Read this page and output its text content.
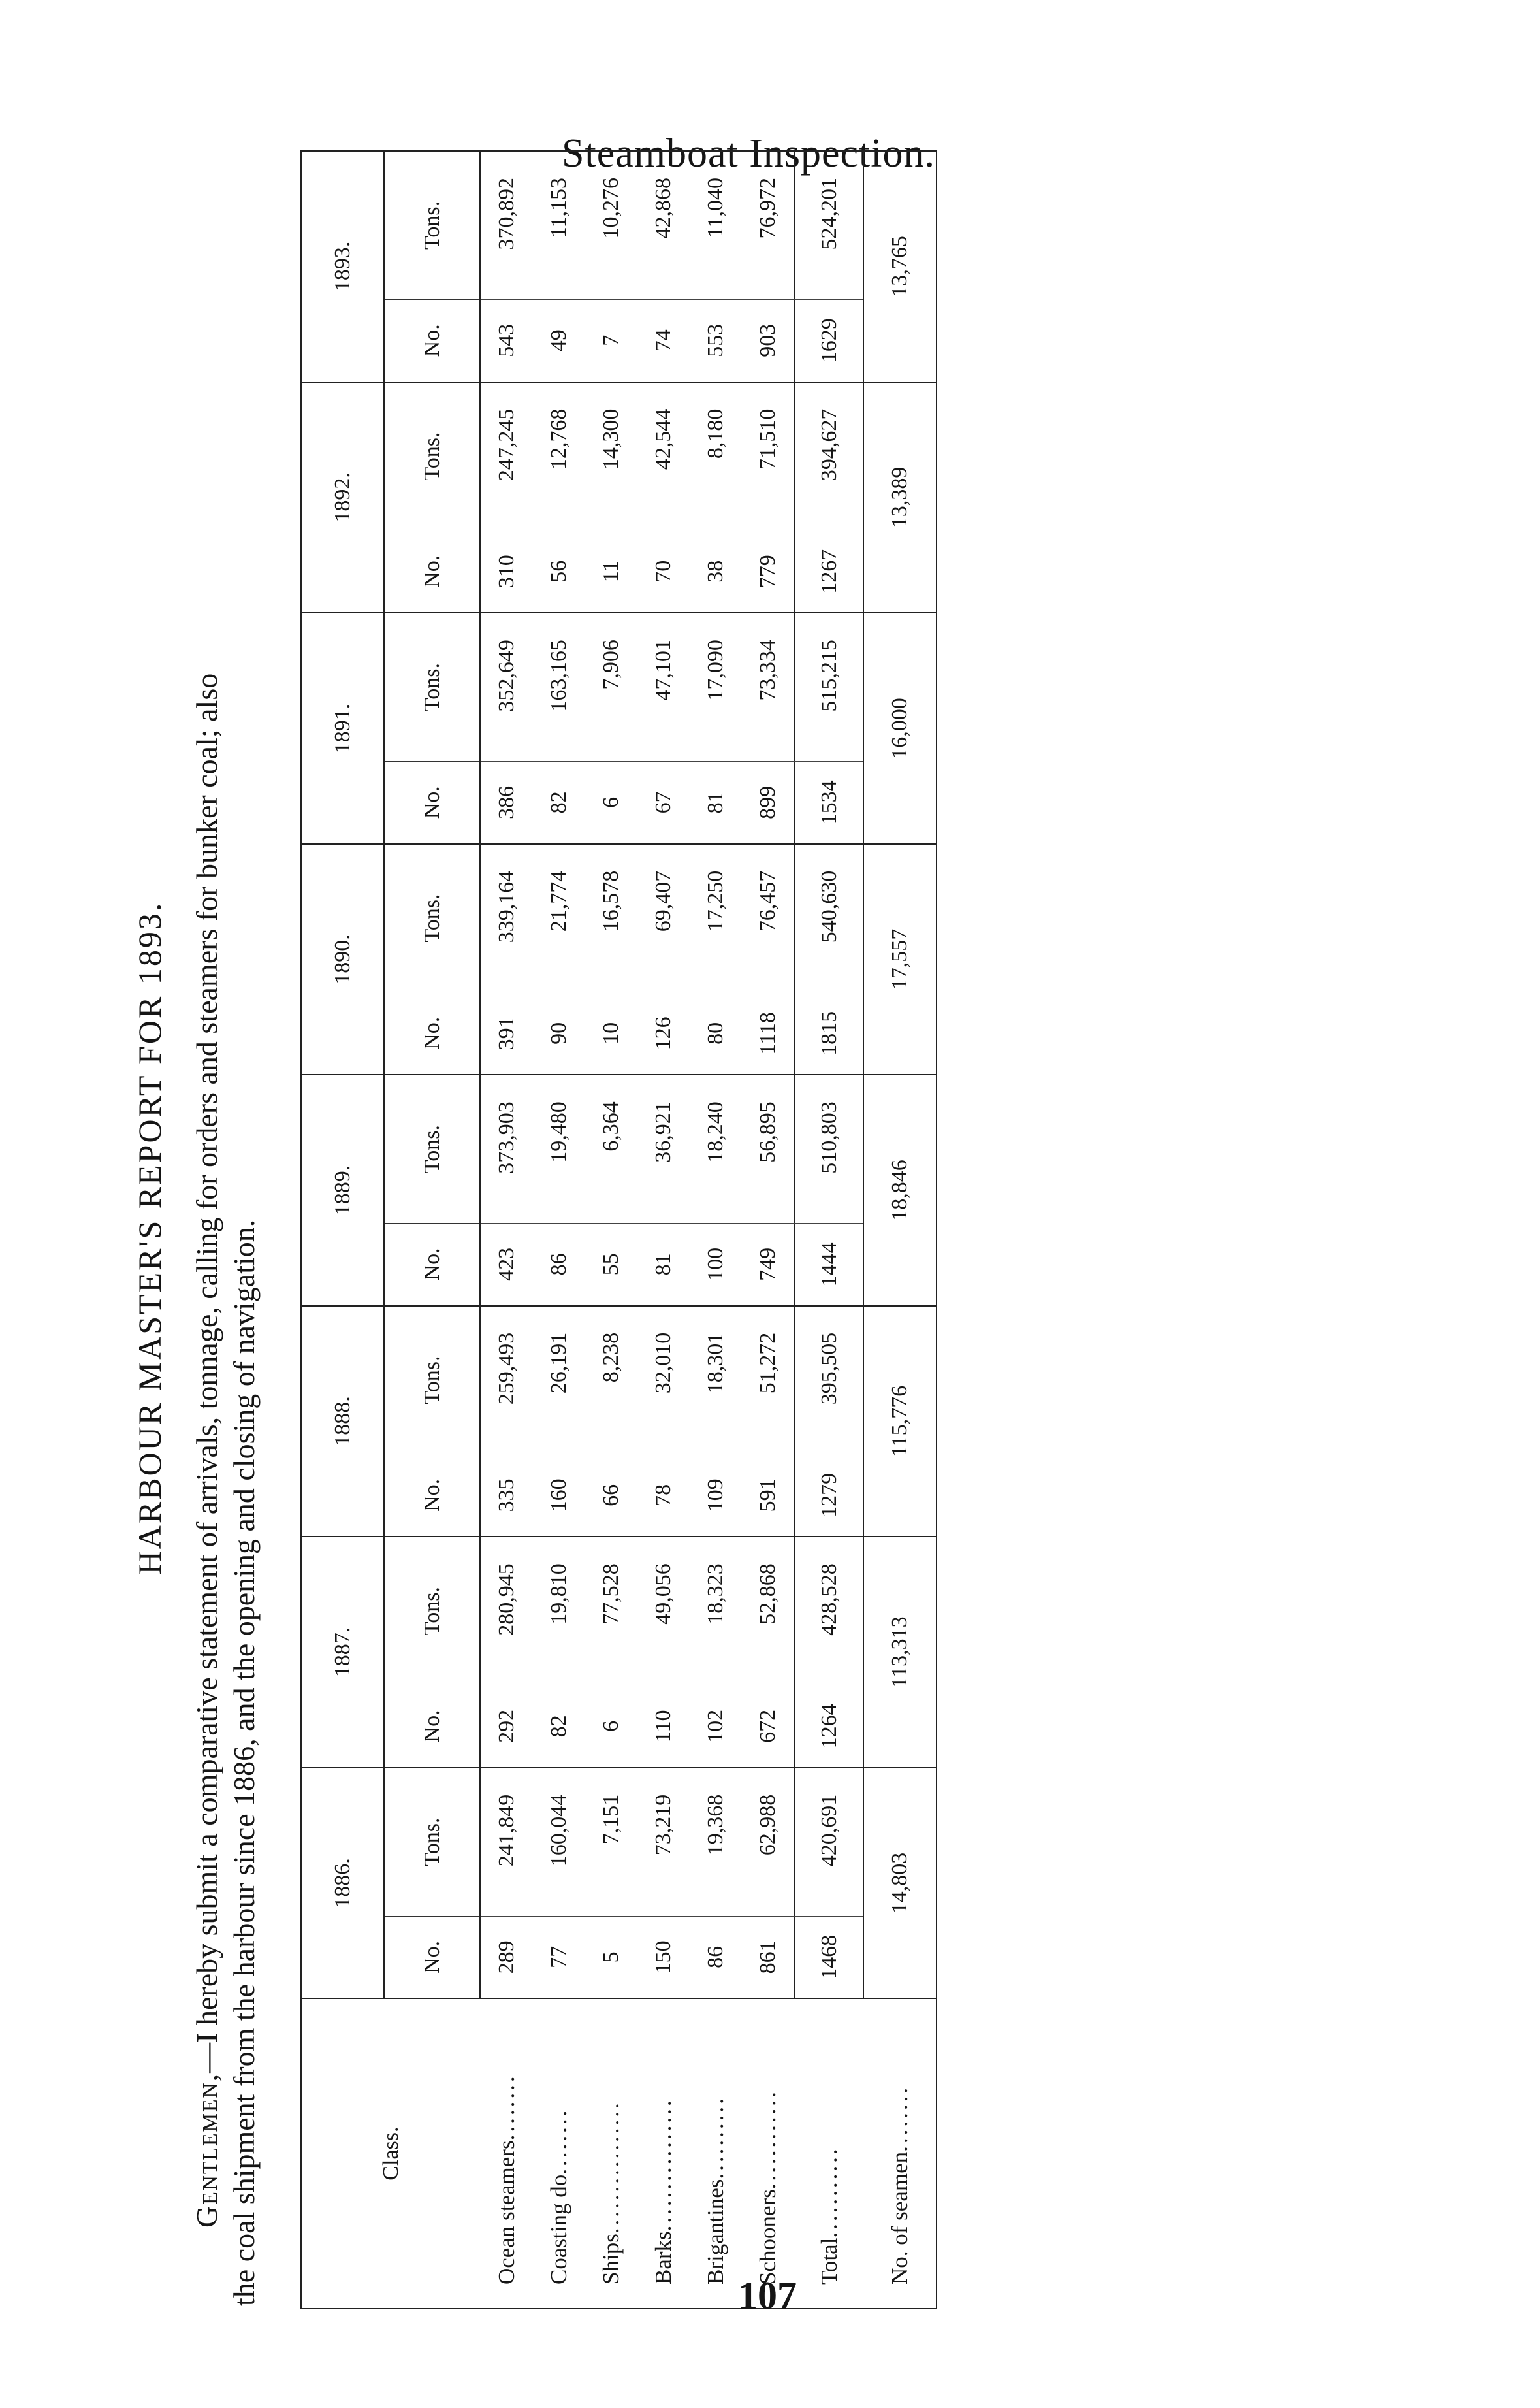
Steamboat Inspection.
HARBOUR MASTER'S REPORT FOR 1893.
Gentlemen,—I hereby submit a comparative statement of arrivals, tonnage, calling for orders and steamers for bunker coal; also the coal shipment from the harbour since 1886, and the opening and closing of navigation.	Class.	1886.		1887.		1888.		1889.		1890.		1891.		1892.		1893.	
	No.	Tons.	No.	Tons.	No.	Tons.	No.	Tons.	No.	Tons.	No.	Tons.	No.	Tons.	No.	Tons.
Ocean steamers........	289	241,849	292	280,945	335	259,493	423	373,903	391	339,164	386	352,649	310	247,245	543	370,892
Coasting do........	77	160,044	82	19,810	160	26,191	86	19,480	90	21,774	82	163,165	56	12,768	49	11,153
Ships................	5	7,151	6	77,528	66	8,238	55	6,364	10	16,578	6	7,906	11	14,300	7	10,276
Barks................	150	73,219	110	49,056	78	32,010	81	36,921	126	69,407	67	47,101	70	42,544	74	42,868
Brigantines..........	86	19,368	102	18,323	109	18,301	100	18,240	80	17,250	81	17,090	38	8,180	553	11,040
Schooners............	861	62,988	672	52,868	591	51,272	749	56,895	1118	76,457	899	73,334	779	71,510	903	76,972
Total...........	1468	420,691	1264	428,528	1279	395,505	1444	510,803	1815	540,630	1534	515,215	1267	394,627	1629	524,201
No. of seamen........	14,803		113,313		115,776		18,846		17,557		16,000		13,389		13,765	
107
